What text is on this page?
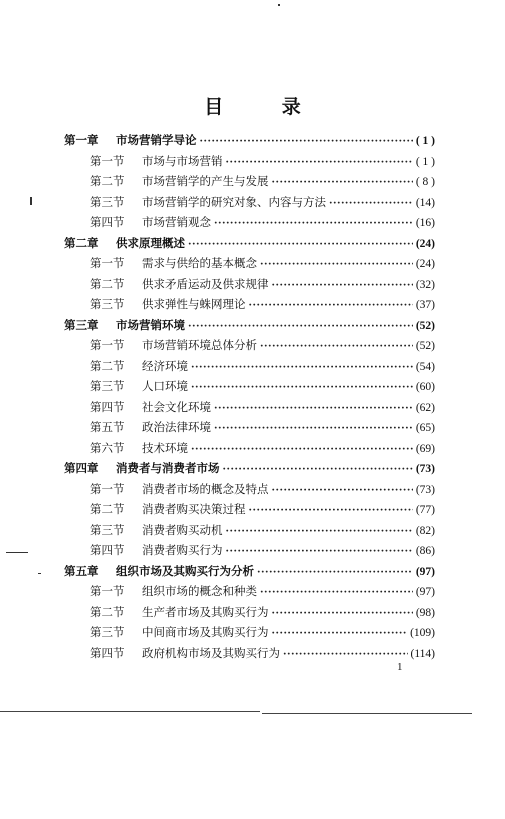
目 录
第一章 市场营销学导论 ·····	( 1 )
第一节 市场与市场营销 ·····	( 1 )
第二节 市场营销学的产生与发展 ·····	( 8 )
第三节 市场营销学的研究对象、内容与方法 ·····	(14)
第四节 市场营销观念 ·····	(16)
第二章 供求原理概述 ·····	(24)
第一节 需求与供给的基本概念 ·····	(24)
第二节 供求矛盾运动及供求规律 ·····	(32)
第三节 供求弹性与蛛网理论 ·····	(37)
第三章 市场营销环境 ·····	(52)
第一节 市场营销环境总体分析 ·····	(52)
第二节 经济环境 ·····	(54)
第三节 人口环境 ·····	(60)
第四节 社会文化环境 ·····	(62)
第五节 政治法律环境 ·····	(65)
第六节 技术环境 ·····	(69)
第四章 消费者与消费者市场 ·····	(73)
第一节 消费者市场的概念及特点 ·····	(73)
第二节 消费者购买决策过程 ·····	(77)
第三节 消费者购买动机 ·····	(82)
第四节 消费者购买行为 ·····	(86)
第五章 组织市场及其购买行为分析 ·····	(97)
第一节 组织市场的概念和种类 ·····	(97)
第二节 生产者市场及其购买行为 ·····	(98)
第三节 中间商市场及其购买行为 ·····	(109)
第四节 政府机构市场及其购买行为 ·····	(114)
1
